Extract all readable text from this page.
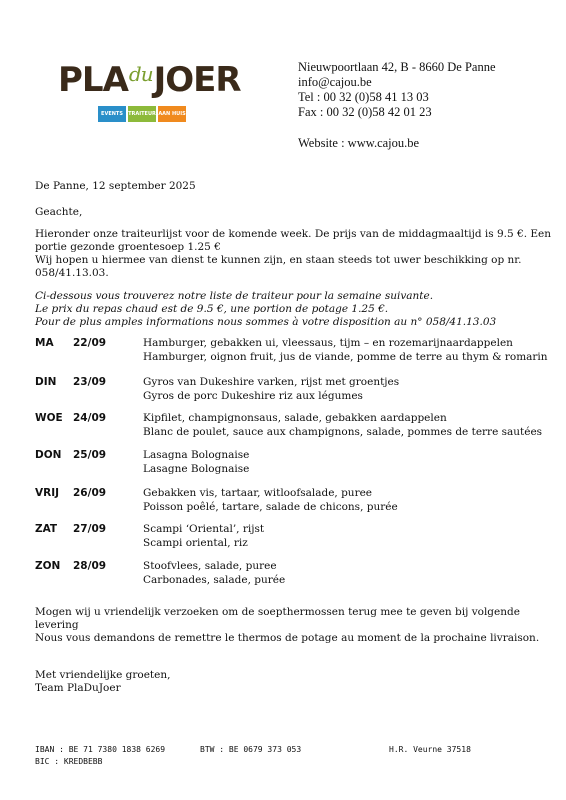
PLA du JOER
EVENTS	TRAITEUR AAN HUIS
Nieuwpoortlaan 42, B - 8660 De Panne
info@cajou.be
Tel : 00 32 (0)58 41 13 03
Fax : 00 32 (0)58 42 01 23
Website : www.cajou.be
De Panne, 12 september 2025
Geachte,
Hieronder onze traiteurlijst voor de komende week. De prijs van de middagmaaltijd is 9.5 €. Een
portie gezonde groentesoep 1.25 €
Wij hopen u hiermee van dienst te kunnen zijn, en staan steeds tot uwer beschikking op nr.
058/41.13.03.
Ci-dessous vous trouverez notre liste de traiteur pour la semaine suivante.
Le prix du repas chaud est de 9.5 €, une portion de potage 1.25 €.
Pour de plus amples informations nous sommes à votre disposition au n° 058/41.13.03
MA 22/09	Hamburger, gebakken ui, vleessaus, tijm – en rozemarijnaardappelen
Hamburger, oignon fruit, jus de viande, pomme de terre au thym & romarin
DIN 23/09	Gyros van Dukeshire varken, rijst met groentjes
Gyros de porc Dukeshire riz aux légumes
WOE 24/09	Kipfilet, champignonsaus, salade, gebakken aardappelen
Blanc de poulet, sauce aux champignons, salade, pommes de terre sautées
DON 25/09	Lasagna Bolognaise
Lasagne Bolognaise
VRIJ 26/09	Gebakken vis, tartaar, witloofsalade, puree
Poisson poêlé, tartare, salade de chicons, purée
ZAT 27/09	Scampi ‘Oriental’, rijst
Scampi oriental, riz
ZON 28/09	Stoofvlees, salade, puree
Carbonades, salade, purée
Mogen wij u vriendelijk verzoeken om de soepthermossen terug mee te geven bij volgende
levering
Nous vous demandons de remettre le thermos de potage au moment de la prochaine livraison.
Met vriendelijke groeten,
Team PlaDuJoer
IBAN : BE 71 7380 1838 6269
BIC : KREDBEBB
BTW : BE 0679 373 053	H.R. Veurne 37518
